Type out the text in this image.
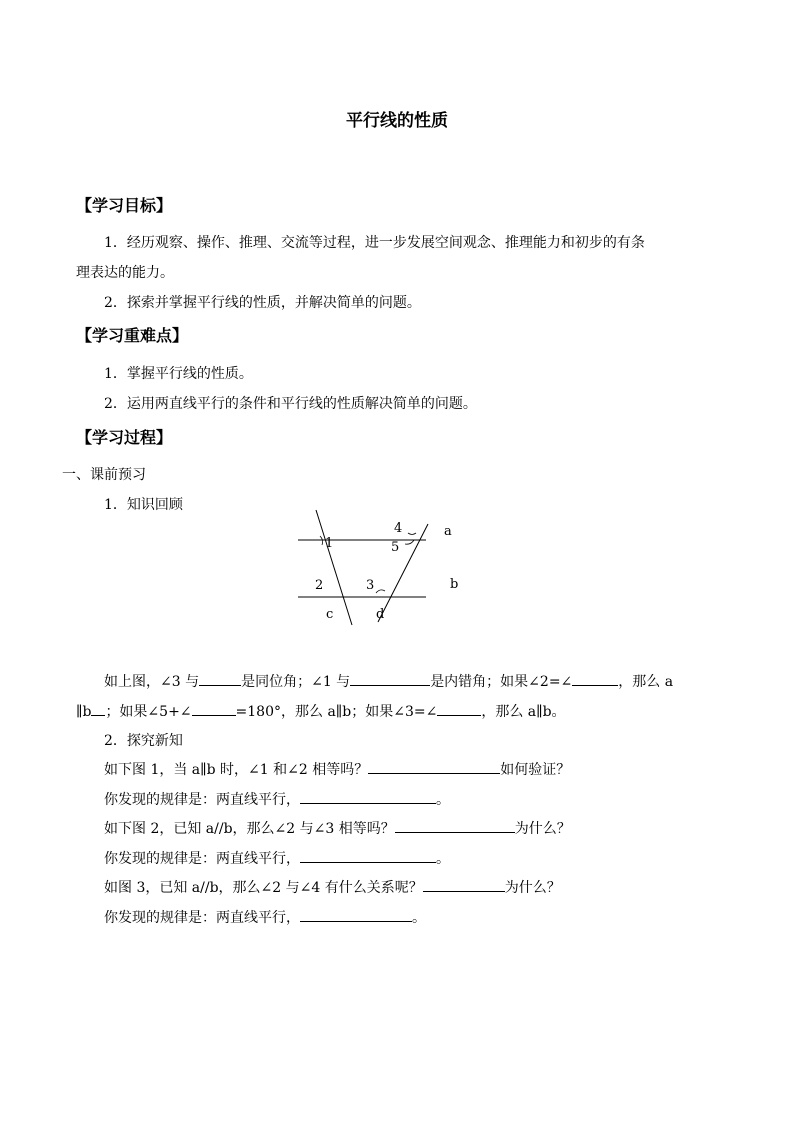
平行线的性质
【学习目标】
1．经历观察、操作、推理、交流等过程，进一步发展空间观念、推理能力和初步的有条
理表达的能力。
2．探索并掌握平行线的性质，并解决简单的问题。
【学习重难点】
1．掌握平行线的性质。
2．运用两直线平行的条件和平行线的性质解决简单的问题。
【学习过程】
一、课前预习
1．知识回顾
1
4
5
a
2	3	b
c	d
如上图，∠3 与	是同位角；∠1 与	是内错角；如果∠2=∠	，那么 a
∥b ；如果∠5+∠	=180°，那么 a∥b；如果∠3=∠	，那么 a∥b。
2．探究新知
如下图 1，当 a∥b 时，∠1 和∠2 相等吗？	如何验证？
你发现的规律是：两直线平行，	。
如下图 2，已知 a//b，那么∠2 与∠3 相等吗？	为什么？
你发现的规律是：两直线平行，	。
如图 3，已知 a//b，那么∠2 与∠4 有什么关系呢？	为什么？
你发现的规律是：两直线平行，	。
